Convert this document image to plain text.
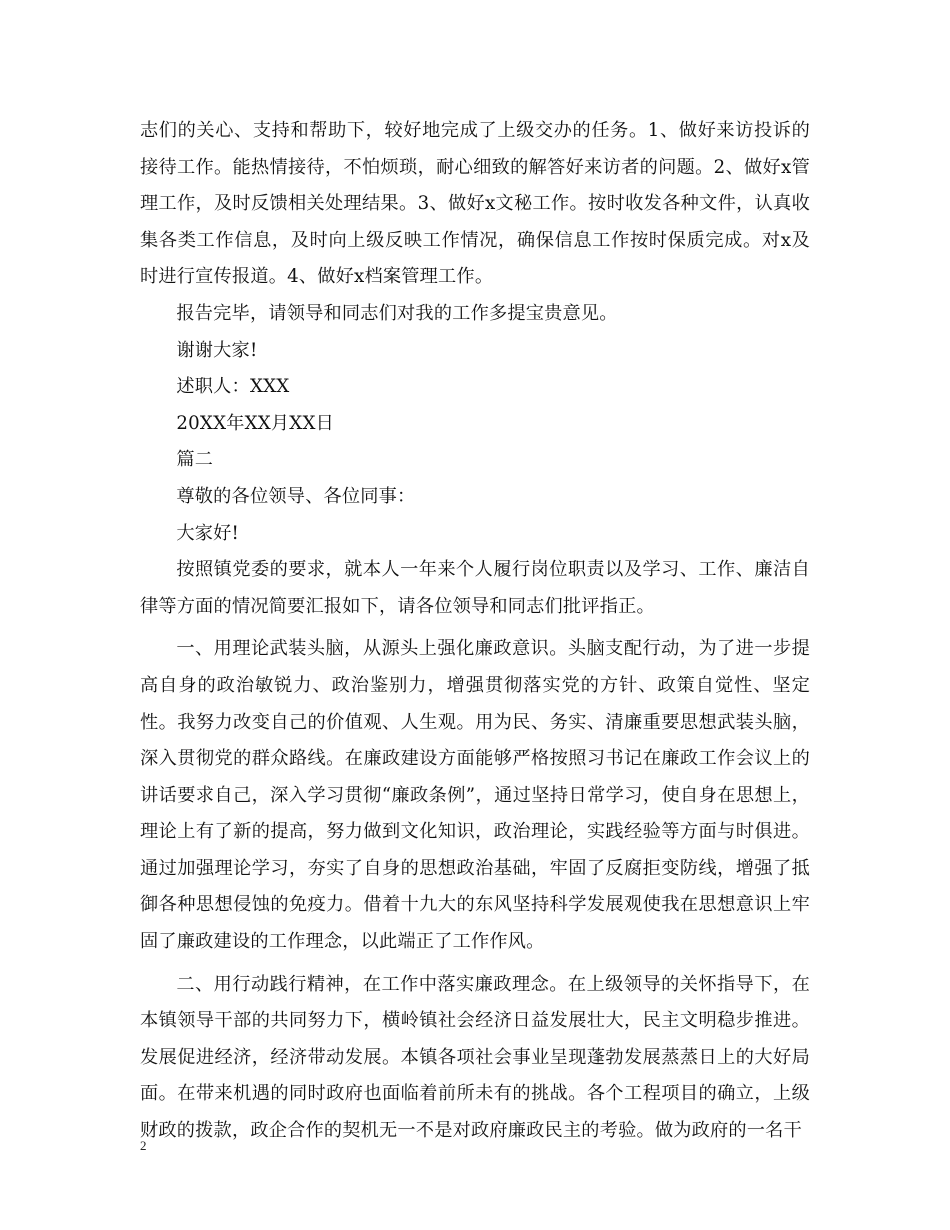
志们的关心、支持和帮助下，较好地完成了上级交办的任务。1、做好来访投诉的接待工作。能热情接待，不怕烦琐，耐心细致的解答好来访者的问题。2、做好x管理工作，及时反馈相关处理结果。3、做好x文秘工作。按时收发各种文件，认真收集各类工作信息，及时向上级反映工作情况，确保信息工作按时保质完成。对x及时进行宣传报道。4、做好x档案管理工作。

报告完毕，请领导和同志们对我的工作多提宝贵意见。

谢谢大家!

述职人：XXX

20XX年XX月XX日

篇二

尊敬的各位领导、各位同事：

大家好!

按照镇党委的要求，就本人一年来个人履行岗位职责以及学习、工作、廉洁自律等方面的情况简要汇报如下，请各位领导和同志们批评指正。

一、用理论武装头脑，从源头上强化廉政意识。头脑支配行动，为了进一步提高自身的政治敏锐力、政治鉴别力，增强贯彻落实党的方针、政策自觉性、坚定性。我努力改变自己的价值观、人生观。用为民、务实、清廉重要思想武装头脑，深入贯彻党的群众路线。在廉政建设方面能够严格按照习书记在廉政工作会议上的讲话要求自己，深入学习贯彻“廉政条例”，通过坚持日常学习，使自身在思想上，理论上有了新的提高，努力做到文化知识，政治理论，实践经验等方面与时俱进。通过加强理论学习，夯实了自身的思想政治基础，牢固了反腐拒变防线，增强了抵御各种思想侵蚀的免疫力。借着十九大的东风坚持科学发展观使我在思想意识上牢固了廉政建设的工作理念，以此端正了工作作风。

二、用行动践行精神，在工作中落实廉政理念。在上级领导的关怀指导下，在本镇领导干部的共同努力下，横岭镇社会经济日益发展壮大，民主文明稳步推进。发展促进经济，经济带动发展。本镇各项社会事业呈现蓬勃发展蒸蒸日上的大好局面。在带来机遇的同时政府也面临着前所未有的挑战。各个工程项目的确立，上级财政的拨款，政企合作的契机无一不是对政府廉政民主的考验。做为政府的一名干

2
